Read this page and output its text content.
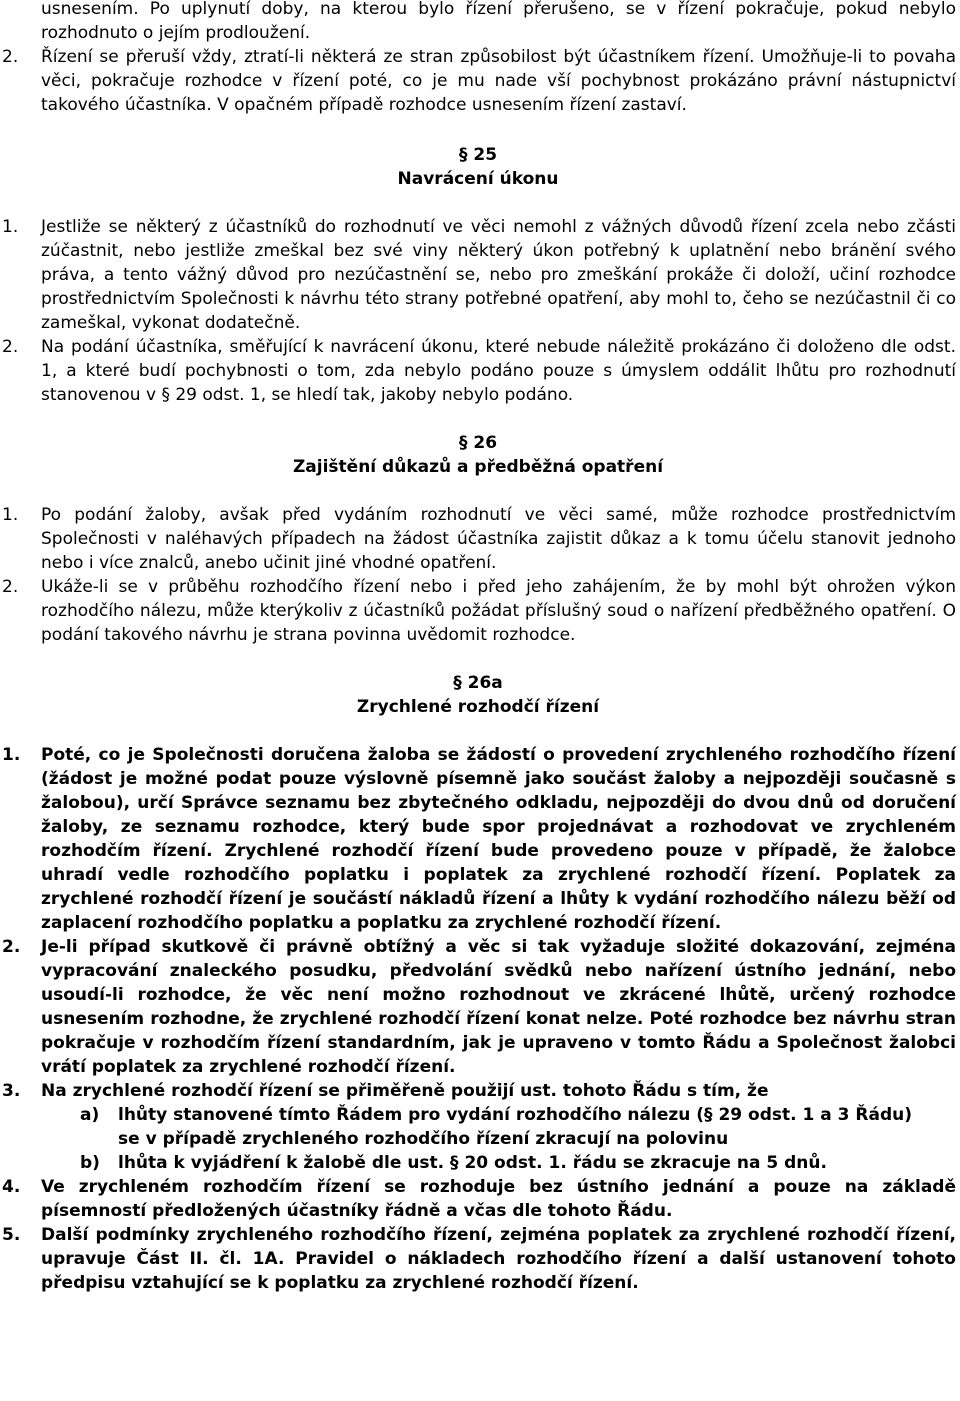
usnesením. Po uplynutí doby, na kterou bylo řízení přerušeno, se v řízení pokračuje, pokud nebylo rozhodnuto o jejím prodloužení.

2. Řízení se přeruší vždy, ztratí-li některá ze stran způsobilost být účastníkem řízení. Umožňuje-li to povaha věci, pokračuje rozhodce v řízení poté, co je mu nade vší pochybnost prokázáno právní nástupnictví takového účastníka. V opačném případě rozhodce usnesením řízení zastaví.

§ 25

Navrácení úkonu

1. Jestliže se některý z účastníků do rozhodnutí ve věci nemohl z vážných důvodů řízení zcela nebo zčásti zúčastnit, nebo jestliže zmeškal bez své viny některý úkon potřebný k uplatnění nebo bránění svého práva, a tento vážný důvod pro nezúčastnění se, nebo pro zmeškání prokáže či doloží, učiní rozhodce prostřednictvím Společnosti k návrhu této strany potřebné opatření, aby mohl to, čeho se nezúčastnil či co zameškal, vykonat dodatečně.

2. Na podání účastníka, směřující k navrácení úkonu, které nebude náležitě prokázáno či doloženo dle odst. 1, a které budí pochybnosti o tom, zda nebylo podáno pouze s úmyslem oddálit lhůtu pro rozhodnutí stanovenou v § 29 odst. 1, se hledí tak, jakoby nebylo podáno.

§ 26

Zajištění důkazů a předběžná opatření

1. Po podání žaloby, avšak před vydáním rozhodnutí ve věci samé, může rozhodce prostřednictvím Společnosti v naléhavých případech na žádost účastníka zajistit důkaz a k tomu účelu stanovit jednoho nebo i více znalců, anebo učinit jiné vhodné opatření.

2. Ukáže-li se v průběhu rozhodčího řízení nebo i před jeho zahájením, že by mohl být ohrožen výkon rozhodčího nálezu, může kterýkoliv z účastníků požádat příslušný soud o nařízení předběžného opatření. O podání takového návrhu je strana povinna uvědomit rozhodce.

§ 26a

Zrychlené rozhodčí řízení

1. Poté, co je Společnosti doručena žaloba se žádostí o provedení zrychleného rozhodčího řízení (žádost je možné podat pouze výslovně písemně jako součást žaloby a nejpozději současně s žalobou), určí Správce seznamu bez zbytečného odkladu, nejpozději do dvou dnů od doručení žaloby, ze seznamu rozhodce, který bude spor projednávat a rozhodovat ve zrychleném rozhodčím řízení. Zrychlené rozhodčí řízení bude provedeno pouze v případě, že žalobce uhradí vedle rozhodčího poplatku i poplatek za zrychlené rozhodčí řízení. Poplatek za zrychlené rozhodčí řízení je součástí nákladů řízení a lhůty k vydání rozhodčího nálezu běží od zaplacení rozhodčího poplatku a poplatku za zrychlené rozhodčí řízení.

2. Je-li případ skutkově či právně obtížný a věc si tak vyžaduje složité dokazování, zejména vypracování znaleckého posudku, předvolání svědků nebo nařízení ústního jednání, nebo usoudí-li rozhodce, že věc není možno rozhodnout ve zkrácené lhůtě, určený rozhodce usnesením rozhodne, že zrychlené rozhodčí řízení konat nelze. Poté rozhodce bez návrhu stran pokračuje v rozhodčím řízení standardním, jak je upraveno v tomto Řádu a Společnost žalobci vrátí poplatek za zrychlené rozhodčí řízení.

3. Na zrychlené rozhodčí řízení se přiměřeně použijí ust. tohoto Řádu s tím, že

a) lhůty stanovené tímto Řádem pro vydání rozhodčího nálezu (§ 29 odst. 1 a 3 Řádu) se v případě zrychleného rozhodčího řízení zkracují na polovinu

b) lhůta k vyjádření k žalobě dle ust. § 20 odst. 1. řádu se zkracuje na 5 dnů.

4. Ve zrychleném rozhodčím řízení se rozhoduje bez ústního jednání a pouze na základě písemností předložených účastníky řádně a včas dle tohoto Řádu.

5. Další podmínky zrychleného rozhodčího řízení, zejména poplatek za zrychlené rozhodčí řízení, upravuje Část II. čl. 1A. Pravidel o nákladech rozhodčího řízení a další ustanovení tohoto předpisu vztahující se k poplatku za zrychlené rozhodčí řízení.
